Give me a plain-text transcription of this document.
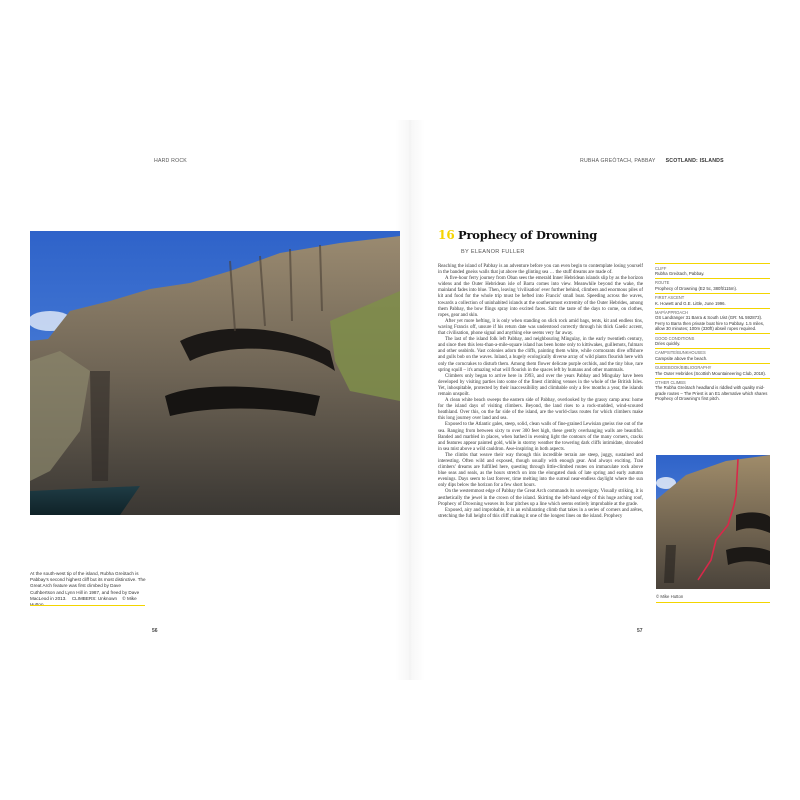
HARD ROCK
At the south-west tip of the island, Rubha Greòtach is Pabbay's second highest cliff but its most distinctive. The Great Arch feature was first climbed by Dave Cuthbertson and Lynn Hill in 1987, and freed by Dave MacLeod in 2013. CLIMBERS: Unknown © Mike
56
RUBHA GREÒTACH, PABBAY SCOTLAND: ISLANDS
16 Prophecy of Drowning
BY ELEANOR FULLER

Reaching the island of Pabbay is an adventure before you can even begin to contemplate losing yourself in the banded gneiss walls that jut above the glinting sea … the stuff dreams are made of.

A five-hour ferry journey from Oban sees the emerald Inner Hebridean islands slip by as the horizon widens and the Outer Hebridean isle of Barra comes into view. Meanwhile beyond the wake, the mainland fades into blue. Then, leaving 'civilisation' ever further behind, climbers and enormous piles of kit and food for the whole trip must be hefted into Francis' small boat. Speeding across the waves, towards a collection of uninhabited islands at the southernmost extremity of the Outer Hebrides, among them Pabbay, the bow flings spray into excited faces. Salt: the taste of the days to come, on clothes, ropes, gear and skin.

After yet more hefting, it is only when standing on slick rock amid bags, tents, kit and endless tins, waving Francis off, unsure if his return date was understood correctly through his thick Gaelic accent, that civilisation, phone signal and anything else seems very far away.

The last of the island folk left Pabbay, and neighbouring Mingulay, in the early twentieth century, and since then this less-than-a-mile-square island has been home only to kittiwakes, guillemots, fulmars and other seabirds. Vast colonies adorn the cliffs, painting them white, while cormorants dive offshore and gulls bob on the waves. Inland, a hugely ecologically diverse array of wild plants flourish here with only the corncrakes to disturb them. Among them flower delicate purple orchids, and the tiny blue, rare spring squill – it's amazing what will flourish in the spaces left by humans and other mammals.

Climbers only began to arrive here in 1993, and over the years Pabbay and Mingulay have been developed by visiting parties into some of the finest climbing venues in the whole of the British Isles. Yet, inhospitable, protected by their inaccessibility and climbable only a few months a year, the islands remain unspoilt.

A clean white beach sweeps the eastern side of Pabbay, overlooked by the grassy camp area: home for the island days of visiting climbers. Beyond, the land rises to a rock-studded, wind-scoured heathland. Over this, on the far side of the island, are the world-class routes for which climbers make this long journey over land and sea.

Exposed to the Atlantic gales, steep, solid, clean walls of fine-grained Lewisian gneiss rise out of the sea. Ranging from between sixty to over 300 feet high, these gently overhanging walls are beautiful. Banded and marbled in places, when bathed in evening light the contours of the many corners, cracks and features appear painted gold, while in stormy weather the towering dark cliffs intimidate, shrouded in sea mist above a wild cauldron. Awe-inspiring in both aspects.

The climbs that weave their way through this incredible terrain are steep, juggy, sustained and interesting. Often wild and exposed, though usually with enough gear. And always exciting. Trad climbers' dreams are fulfilled here, questing through little-climbed routes on immaculate rock above blue seas and seals, as the hours stretch on into the elongated dusk of late spring and early autumn evenings. Days seem to last forever, time melting into the surreal near-endless daylight where the sun only dips below the horizon for a few short hours.

On the westernmost edge of Pabbay the Great Arch commands its sovereignty. Visually striking, it is aesthetically the jewel in the crown of the island. Skirting the left-hand edge of this huge arching roof, Prophecy of Drowning weaves its four pitches up a line which seems entirely improbable at the grade.

Exposed, airy and improbable, it is an exhilarating climb that takes in a series of corners and arêtes, stretching the full height of this cliff making it one of the longest lines on the island. Prophecy

CLIFF
Rubha Greòtach, Pabbay.
ROUTE
Prophecy of Drowning (E2 5c, 380ft/115m).
FIRST ASCENT
K. Howett and G.E. Little, June 1996.
MAP/APPROACH
OS Landranger 31 Barra & South Uist (GR: NL 592873). Ferry to Barra then private boat hire to Pabbay. 1.5 miles, allow 30 minutes; 100m (330ft) abseil ropes required.
GOOD CONDITIONS
Dries quickly.
CAMPSITE/BUNKHOUSES
Campsite above the beach.
GUIDEBOOK/BIBLIOGRAPHY
The Outer Hebrides (Scottish Mountaineering Club, 2018).
OTHER CLIMBS
The Rubha Greòtach headland is riddled with quality mid-grade routes – The Priest is an E1 alternative which shares Prophecy of Drowning's first pitch.
© Mike Hutton
57
